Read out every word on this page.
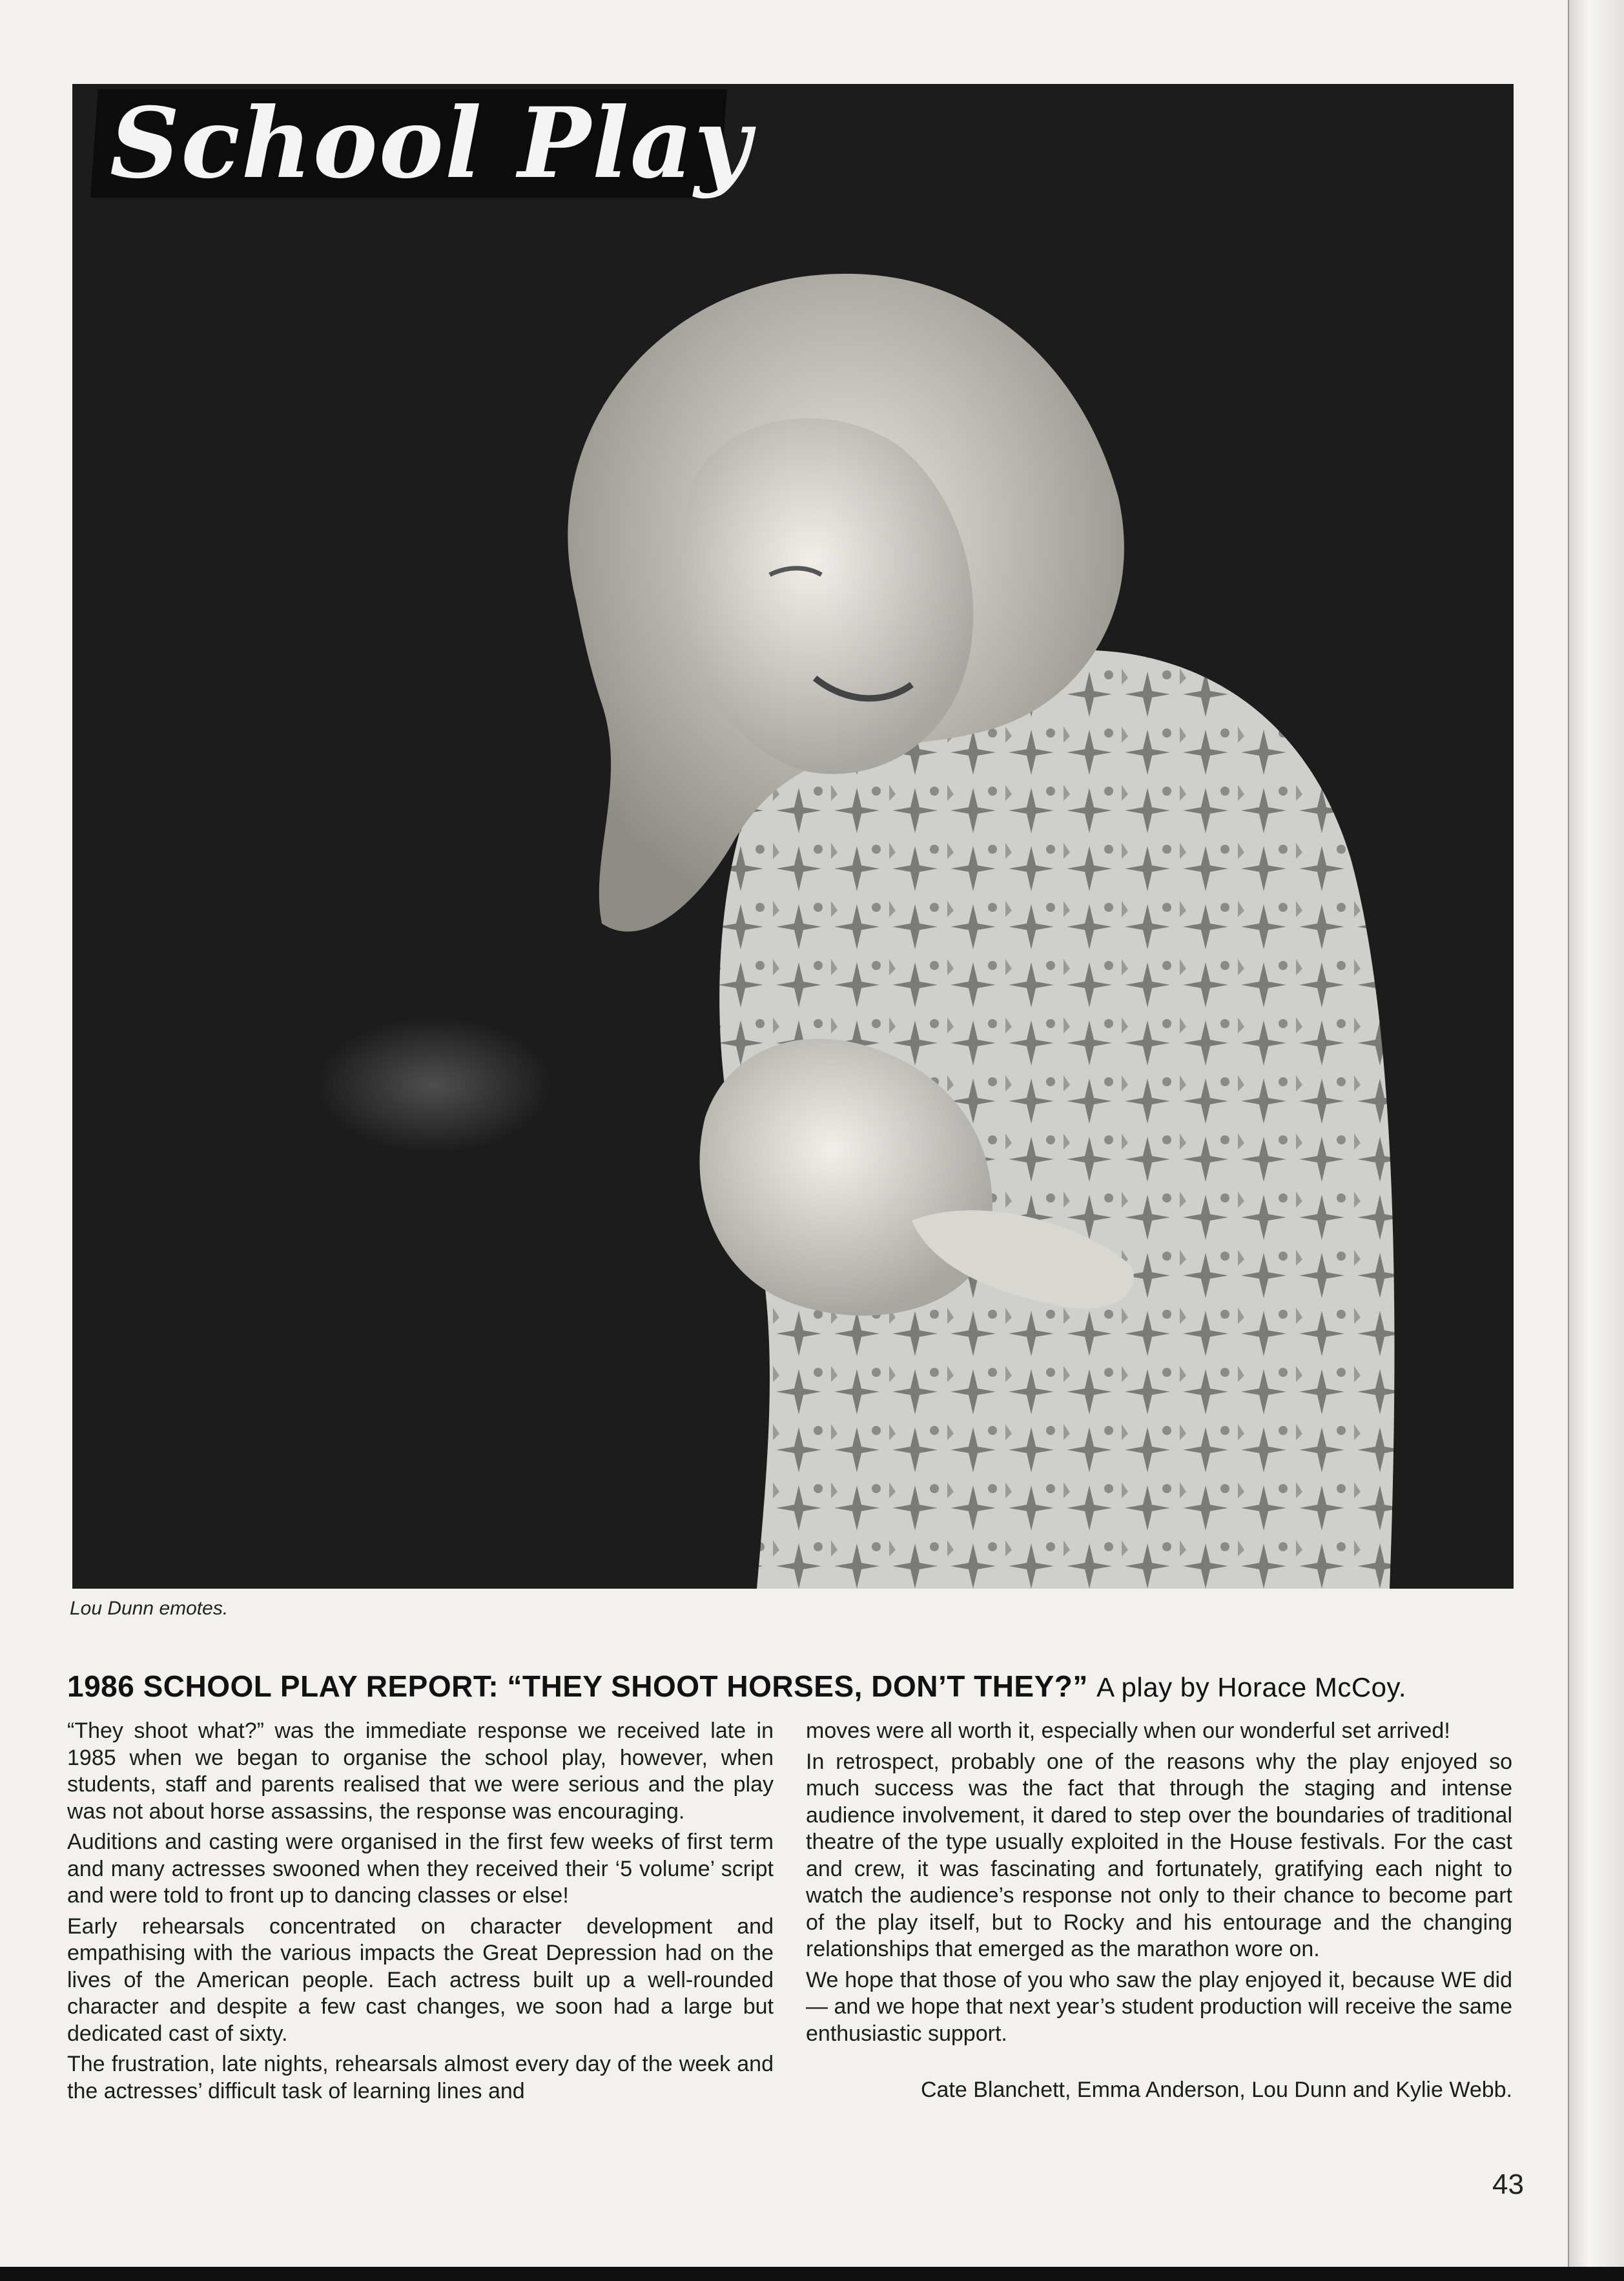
School Play
Lou Dunn emotes.
1986 SCHOOL PLAY REPORT: “THEY SHOOT HORSES, DON’T THEY?” A play by Horace McCoy.

“They shoot what?” was the immediate response we received late in 1985 when we began to organise the school play, however, when students, staff and parents realised that we were serious and the play was not about horse assassins, the response was encouraging.

Auditions and casting were organised in the first few weeks of first term and many actresses swooned when they received their ‘5 volume’ script and were told to front up to dancing classes or else!

Early rehearsals concentrated on character development and empathising with the various impacts the Great Depression had on the lives of the American people. Each actress built up a well-rounded character and despite a few cast changes, we soon had a large but dedicated cast of sixty.

The frustration, late nights, rehearsals almost every day of the week and the actresses’ difficult task of learning lines and

moves were all worth it, especially when our wonderful set arrived!

In retrospect, probably one of the reasons why the play enjoyed so much success was the fact that through the staging and intense audience involvement, it dared to step over the boundaries of traditional theatre of the type usually exploited in the House festivals. For the cast and crew, it was fascinating and fortunately, gratifying each night to watch the audience’s response not only to their chance to become part of the play itself, but to Rocky and his entourage and the changing relationships that emerged as the marathon wore on.

We hope that those of you who saw the play enjoyed it, because WE did — and we hope that next year’s student production will receive the same enthusiastic support.

Cate Blanchett, Emma Anderson, Lou Dunn and Kylie Webb.

43
